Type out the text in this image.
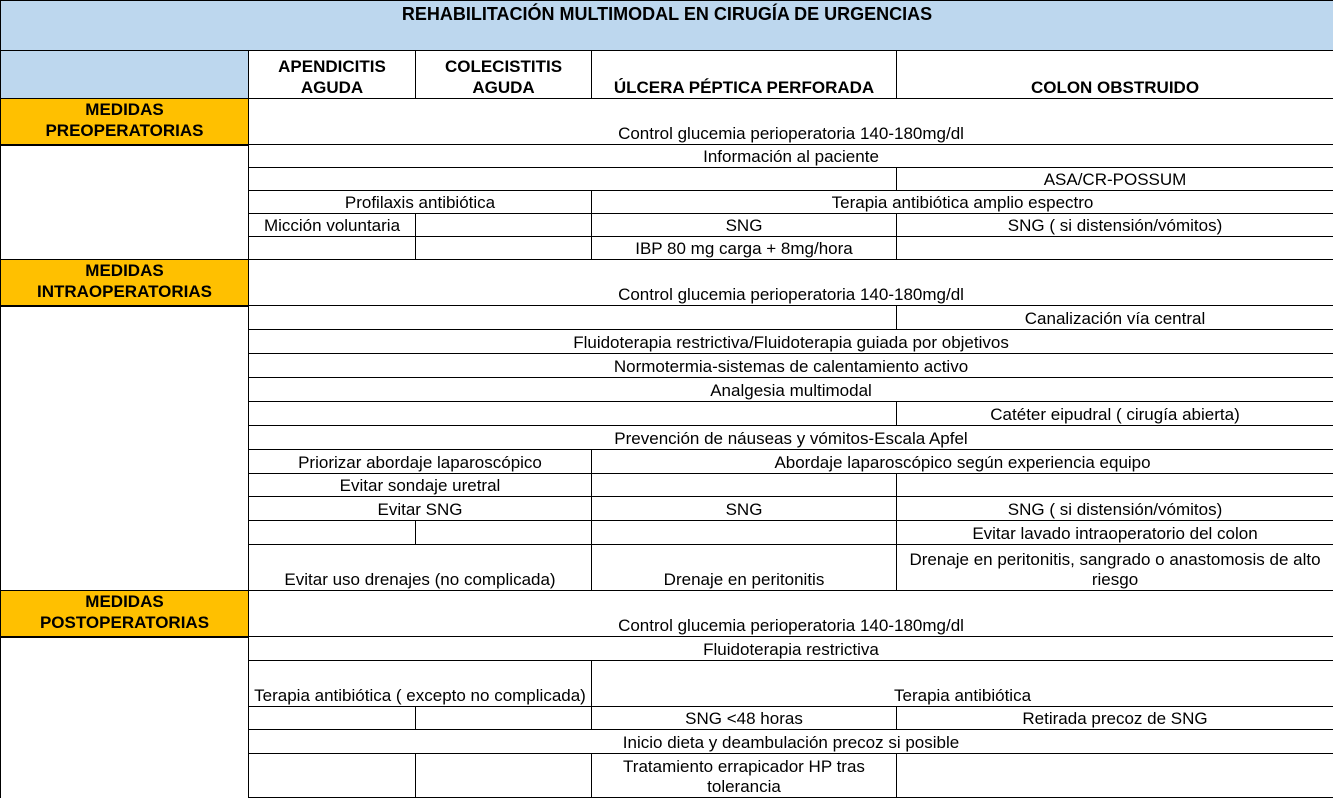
REHABILITACIÓN MULTIMODAL EN CIRUGÍA DE URGENCIAS				
	APENDICITIS AGUDA	COLECISTITIS AGUDA	ÚLCERA PÉPTICA PERFORADA	COLON OBSTRUIDO
MEDIDAS PREOPERATORIAS	Control glucemia perioperatoria 140-180mg/dl			
	Información al paciente			
				ASA/CR-POSSUM
	Profilaxis antibiótica		Terapia antibiótica amplio espectro	
	Micción voluntaria		SNG	SNG ( si distensión/vómitos)
			IBP 80 mg carga + 8mg/hora	
MEDIDAS INTRAOPERATORIAS	Control glucemia perioperatoria 140-180mg/dl			
				Canalización vía central
	Fluidoterapia restrictiva/Fluidoterapia guiada por objetivos			
	Normotermia-sistemas de calentamiento activo			
	Analgesia multimodal			
				Catéter eipudral ( cirugía abierta)
	Prevención de náuseas y vómitos-Escala Apfel			
	Priorizar abordaje laparoscópico		Abordaje laparoscópico según experiencia equipo	
	Evitar sondaje uretral			
	Evitar SNG		SNG	SNG ( si distensión/vómitos)
				Evitar lavado intraoperatorio del colon
	Evitar uso drenajes (no complicada)		Drenaje en peritonitis	Drenaje en peritonitis, sangrado o anastomosis de alto riesgo
MEDIDAS POSTOPERATORIAS	Control glucemia perioperatoria 140-180mg/dl			
	Fluidoterapia restrictiva			
	Terapia antibiótica ( excepto no complicada)		Terapia antibiótica	
			SNG <48 horas	Retirada precoz de SNG
	Inicio dieta y deambulación precoz si posible			
			Tratamiento errapicador HP tras tolerancia	
